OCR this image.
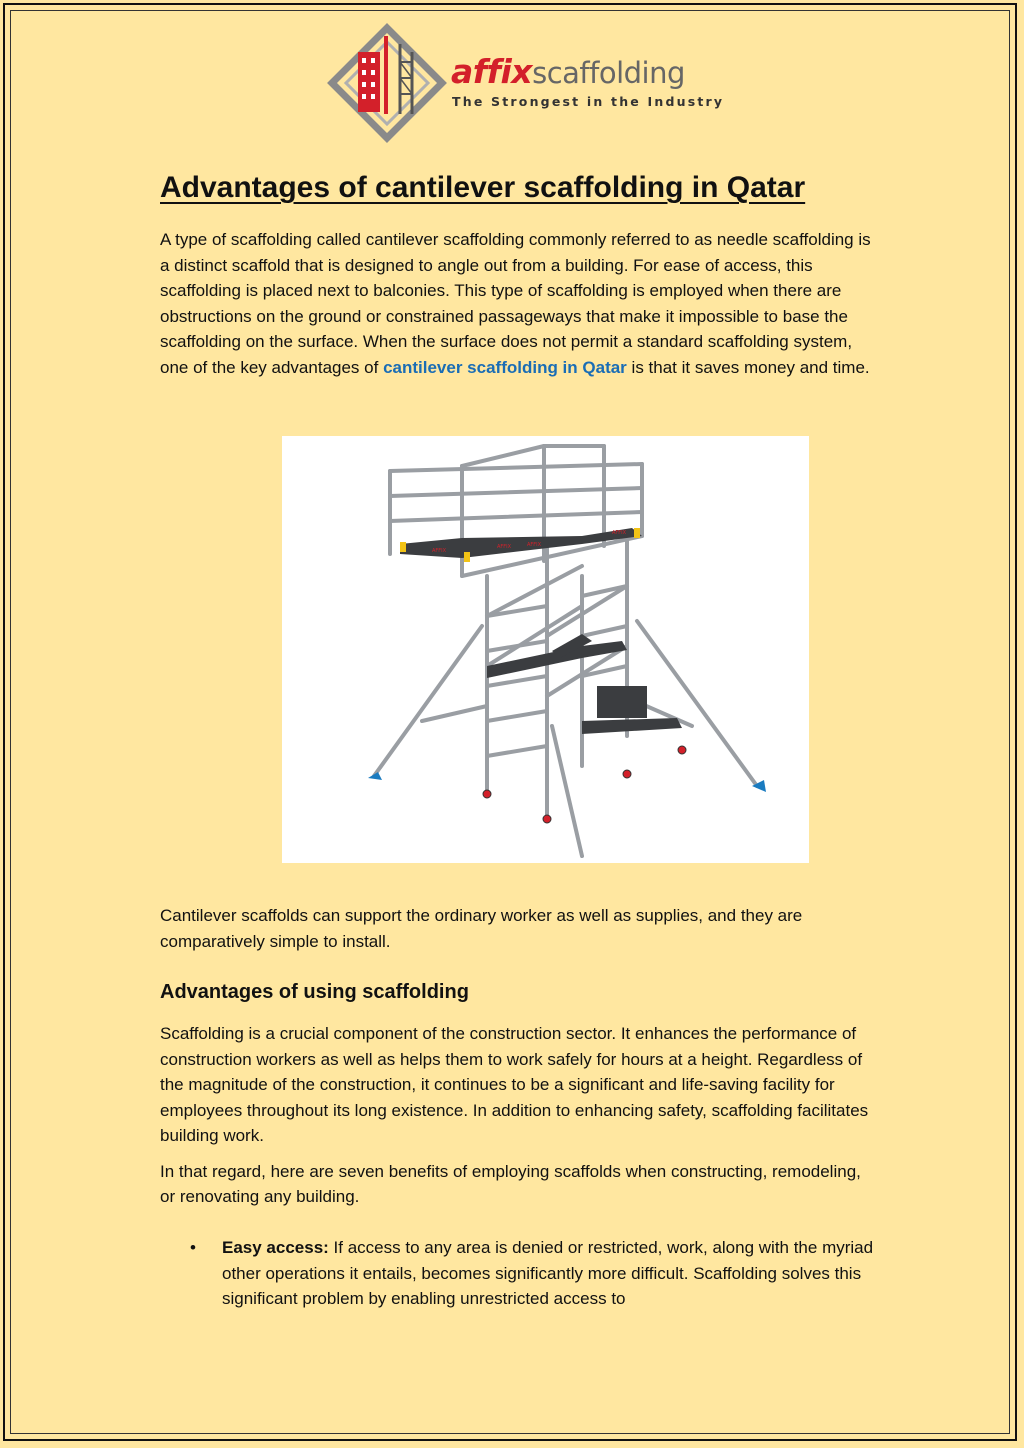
affixscaffolding
The Strongest in the Industry
Advantages of cantilever scaffolding in Qatar

A type of scaffolding called cantilever scaffolding commonly referred to as needle scaffolding is a distinct scaffold that is designed to angle out from a building. For ease of access, this scaffolding is placed next to balconies. This type of scaffolding is employed when there are obstructions on the ground or constrained passageways that make it impossible to base the scaffolding on the surface. When the surface does not permit a standard scaffolding system, one of the key advantages of cantilever scaffolding in Qatar is that it saves money and time.

AFFIX
AFFIX	AFFIX
AFFIX

Cantilever scaffolds can support the ordinary worker as well as supplies, and they are comparatively simple to install.

Advantages of using scaffolding

Scaffolding is a crucial component of the construction sector. It enhances the performance of construction workers as well as helps them to work safely for hours at a height. Regardless of the magnitude of the construction, it continues to be a significant and life-saving facility for employees throughout its long existence. In addition to enhancing safety, scaffolding facilitates building work.

In that regard, here are seven benefits of employing scaffolds when constructing, remodeling, or renovating any building.

• Easy access: If access to any area is denied or restricted, work, along with the myriad other operations it entails, becomes significantly more difficult. Scaffolding solves this significant problem by enabling unrestricted access to
